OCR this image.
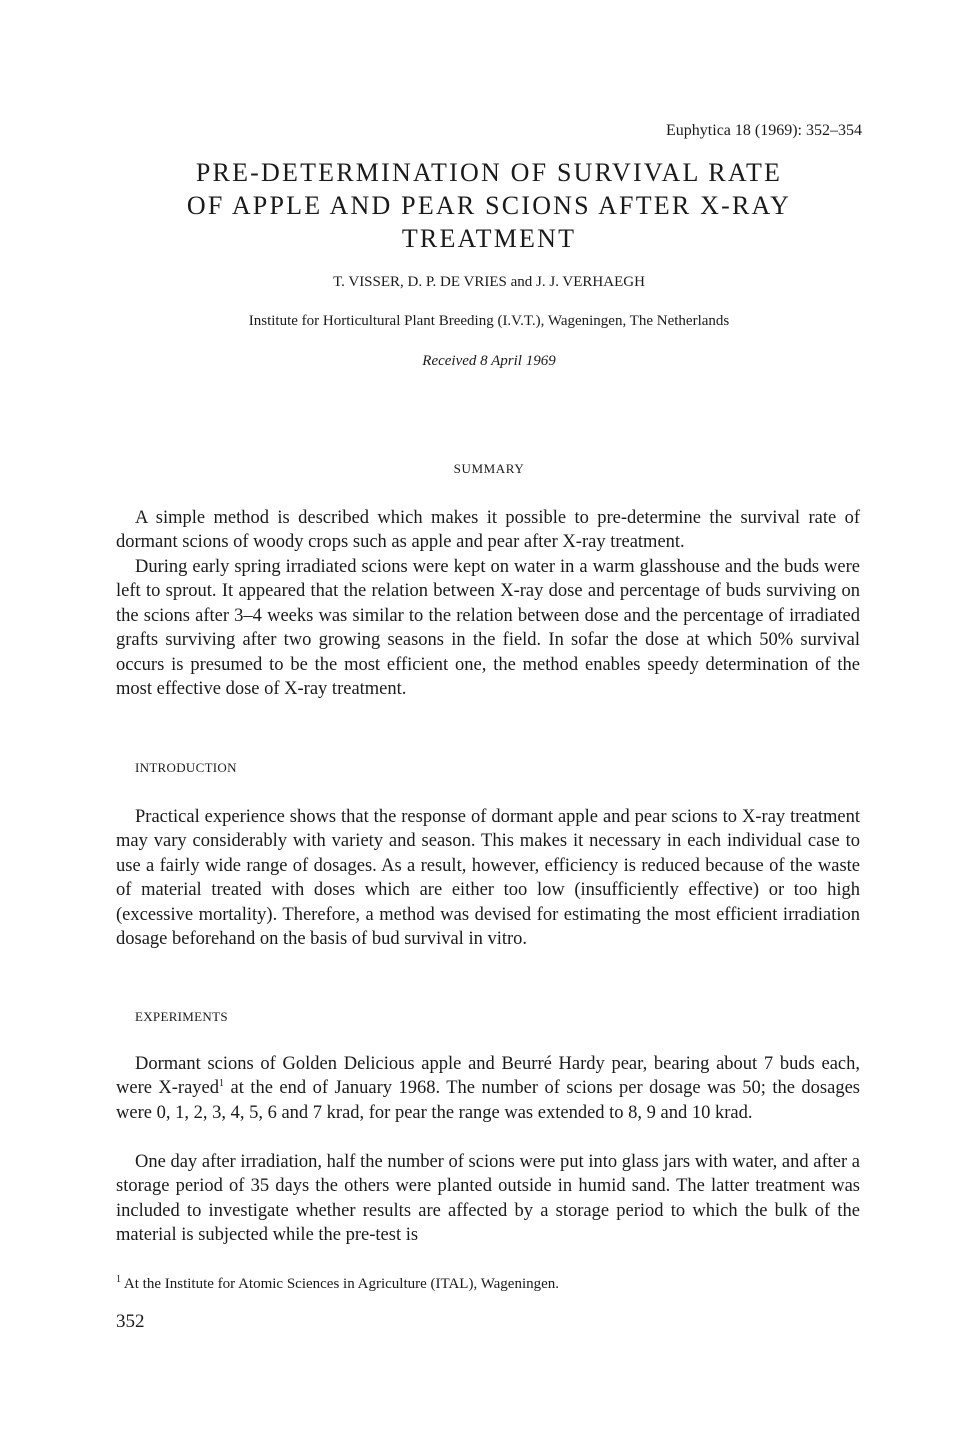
Euphytica 18 (1969): 352–354
PRE-DETERMINATION OF SURVIVAL RATE
OF APPLE AND PEAR SCIONS AFTER X-RAY
TREATMENT
T. VISSER, D. P. DE VRIES and J. J. VERHAEGH
Institute for Horticultural Plant Breeding (I.V.T.), Wageningen, The Netherlands
Received 8 April 1969
SUMMARY

A simple method is described which makes it possible to pre-determine the survival rate of dormant scions of woody crops such as apple and pear after X-ray treatment.

During early spring irradiated scions were kept on water in a warm glasshouse and the buds were left to sprout. It appeared that the relation between X-ray dose and percentage of buds surviving on the scions after 3–4 weeks was similar to the relation between dose and the percentage of irradiated grafts surviving after two growing seasons in the field. In sofar the dose at which 50% survival occurs is presumed to be the most efficient one, the method enables speedy determination of the most effective dose of X-ray treatment.

INTRODUCTION

Practical experience shows that the response of dormant apple and pear scions to X-ray treatment may vary considerably with variety and season. This makes it necessary in each individual case to use a fairly wide range of dosages. As a result, however, efficiency is reduced because of the waste of material treated with doses which are either too low (insufficiently effective) or too high (excessive mortality). Therefore, a method was devised for estimating the most efficient irradiation dosage beforehand on the basis of bud survival in vitro.

EXPERIMENTS

Dormant scions of Golden Delicious apple and Beurré Hardy pear, bearing about 7 buds each, were X-rayed$^1$ at the end of January 1968. The number of scions per dosage was 50; the dosages were 0, 1, 2, 3, 4, 5, 6 and 7 krad, for pear the range was extended to 8, 9 and 10 krad.

One day after irradiation, half the number of scions were put into glass jars with water, and after a storage period of 35 days the others were planted outside in humid sand. The latter treatment was included to investigate whether results are affected by a storage period to which the bulk of the material is subjected while the pre-test is

$^1$ At the Institute for Atomic Sciences in Agriculture (ITAL), Wageningen.
352
